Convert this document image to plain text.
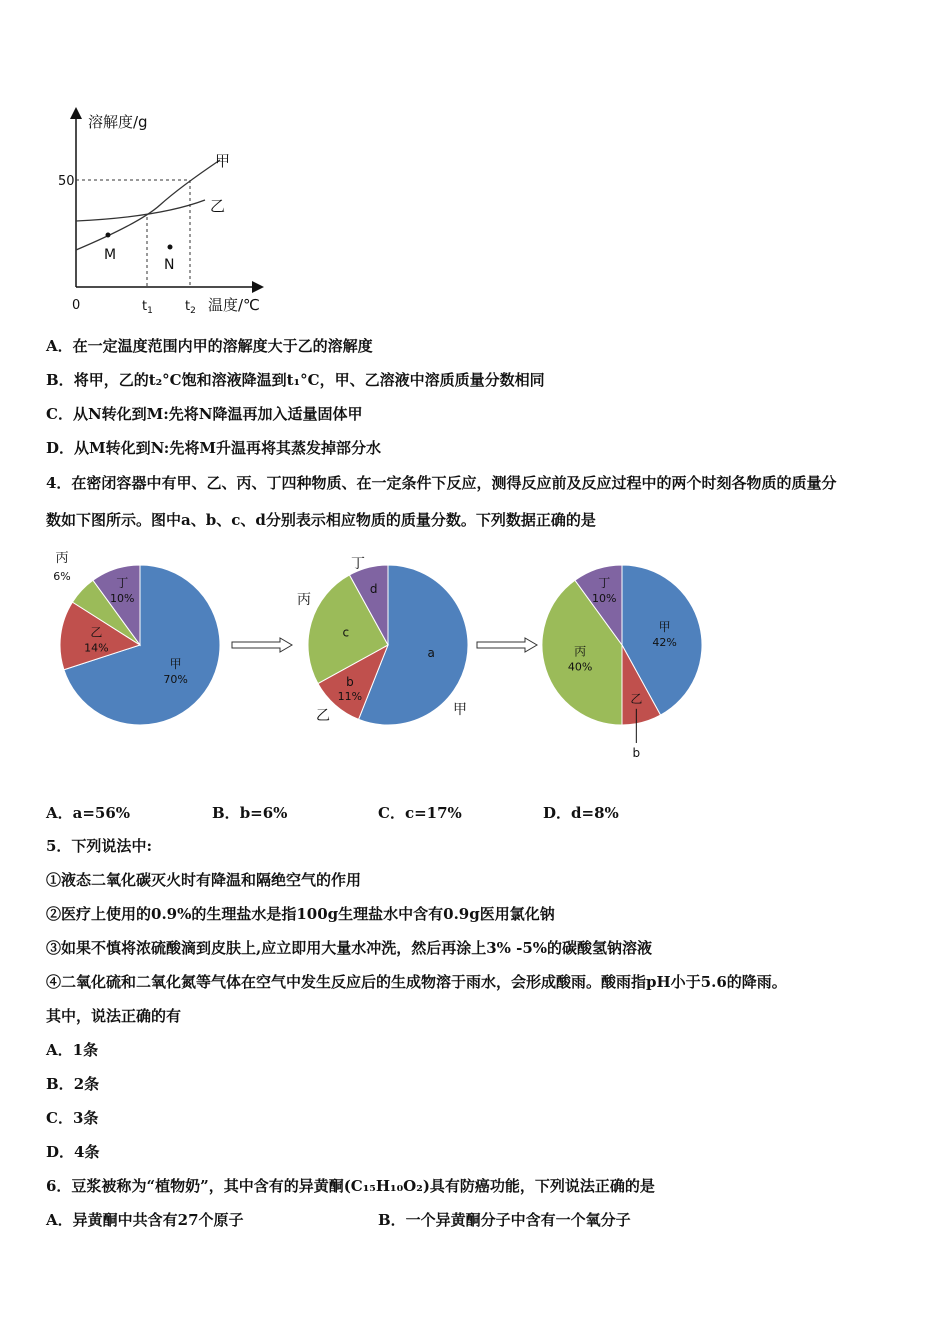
溶解度/g
温度/℃
50
0
甲
乙
M
N
$t_1$ $t_2$
A．在一定温度范围内甲的溶解度大于乙的溶解度
B．将甲，乙的t₂°C饱和溶液降温到t₁°C，甲、乙溶液中溶质质量分数相同
C．从N转化到M:先将N降温再加入适量固体甲
D．从M转化到N:先将M升温再将其蒸发掉部分水
4．在密闭容器中有甲、乙、丙、丁四种物质、在一定条件下反应，测得反应前及反应过程中的两个时刻各物质的质量分
数如下图所示。图中a、b、c、d分别表示相应物质的质量分数。下列数据正确的是
甲
70%
乙
14%
丙
6%	丁
10%
a
b
11%
c
d
甲
42%
乙
b
丙
40%
丁
10%
丁
丙
乙	甲
A．a=56%	B．b=6%	C．c=17%	D．d=8%
5．下列说法中:
①液态二氧化碳灭火时有降温和隔绝空气的作用
②医疗上使用的0.9%的生理盐水是指100g生理盐水中含有0.9g医用氯化钠
③如果不慎将浓硫酸滴到皮肤上,应立即用大量水冲洗，然后再涂上3% -5%的碳酸氢钠溶液
④二氧化硫和二氧化氮等气体在空气中发生反应后的生成物溶于雨水，会形成酸雨。酸雨指pH小于5.6的降雨。
其中，说法正确的有
A．1条
B．2条
C．3条
D．4条
6．豆浆被称为“植物奶”，其中含有的异黄酮(C₁₅H₁₀O₂)具有防癌功能，下列说法正确的是
A．异黄酮中共含有27个原子	B．一个异黄酮分子中含有一个氧分子
